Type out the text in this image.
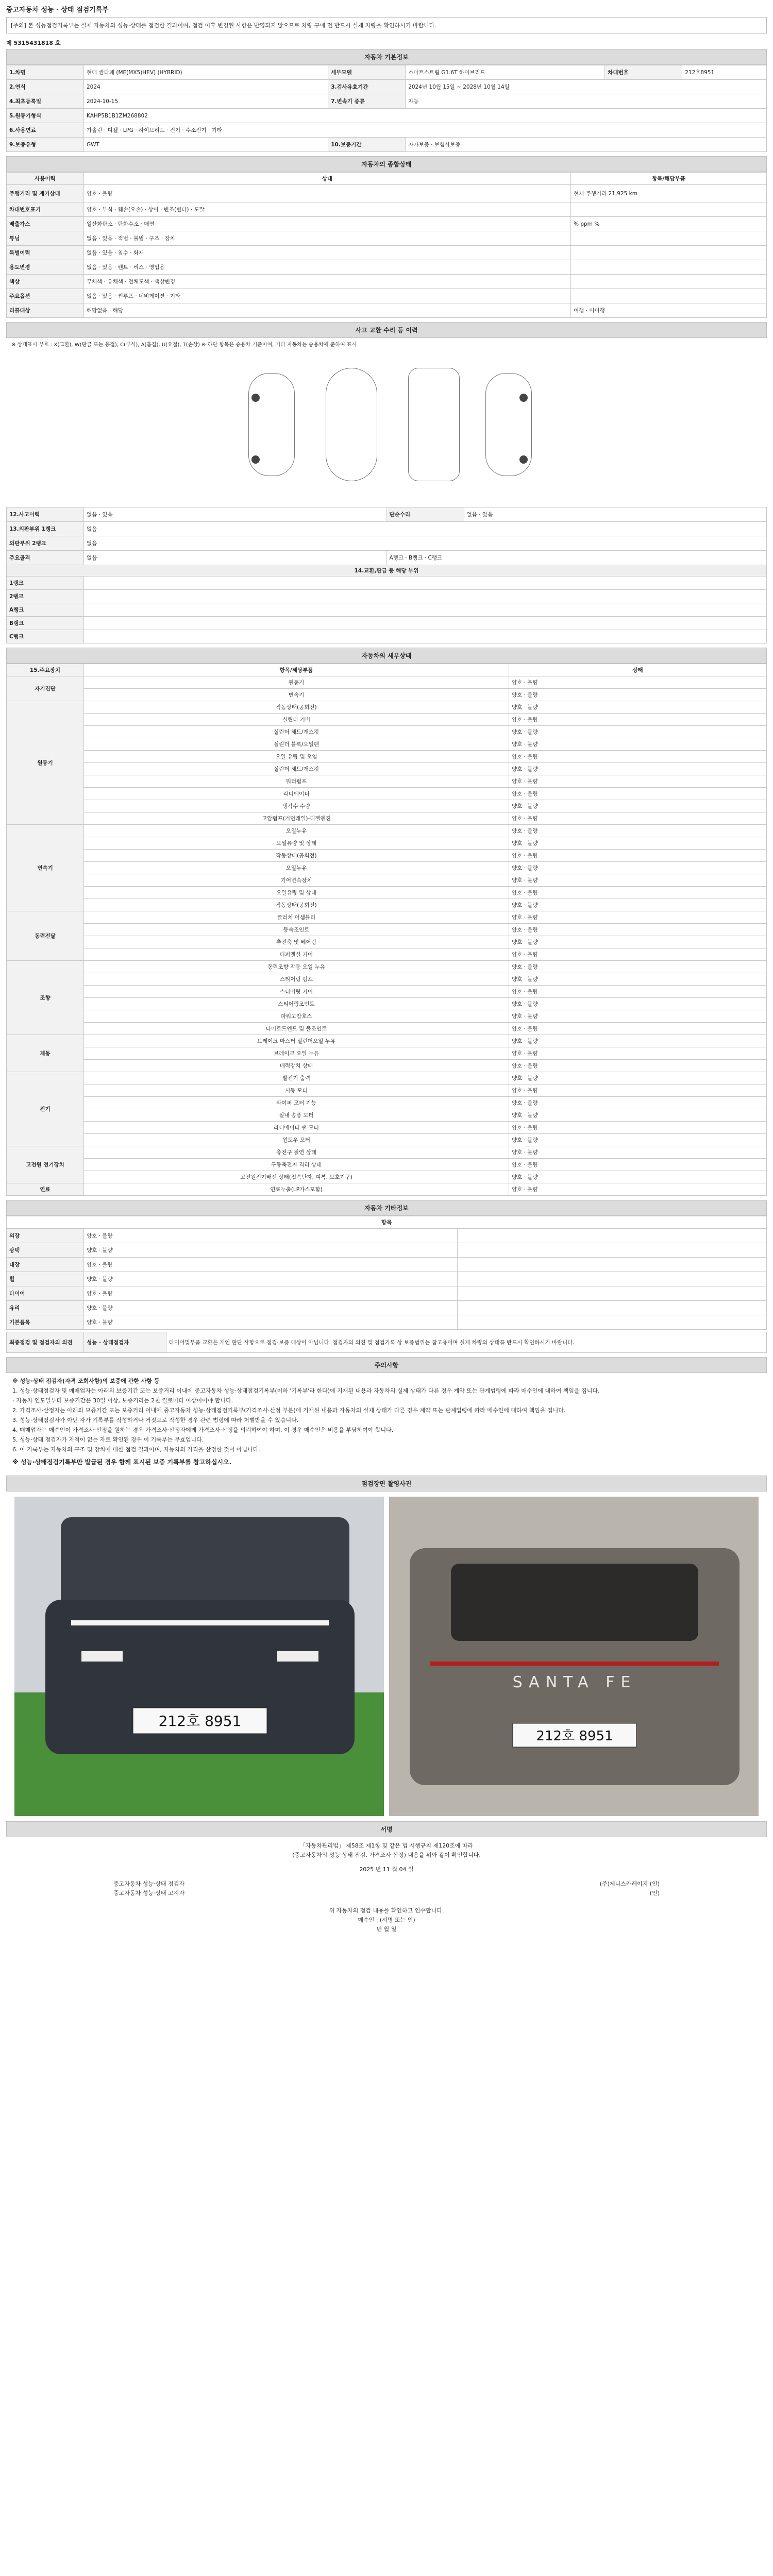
중고자동차 성능 · 상태 점검기록부
[주의] 본 성능점검기록부는 실제 자동차의 성능·상태를 점검한 결과이며, 점검 이후 변경된 사항은 반영되지 않으므로 차량 구매 전 반드시 실제 차량을 확인하시기 바랍니다.
제 5315431818 호
자동차 기본정보
1.차명	현대 싼타페 (ME(MX5)HEV) (HYBRID)	세부모델	스마트스트림 G1.6T 하이브리드	차대번호	212호8951
2.연식	2024	3.검사유효기간	2024년 10월 15일 ~ 2028년 10월 14일		
4.최초등록일	2024-10-15	7.변속기 종류	자동		
5.원동기형식	KAHP5B1B1ZM268802				
6.사용연료	가솔린 · 디젤 · LPG · 하이브리드 · 전기 · 수소전기 · 기타				
9.보증유형	GWT	10.보증기간	자가보증 · 보험사보증		
자동차의 종합상태
사용이력	상태	항목/해당부품
주행거리 및 계기상태	양호 · 불량	현재 주행거리 21,925 km
차대번호표기	양호 · 부식 · 훼손(오손) · 상이 · 변조(변타) · 도말	
배출가스	일산화탄소 · 탄화수소 · 매연	% ppm %
튜닝	없음 · 있음 · 적법 · 불법 · 구조 · 장치	
특별이력	없음 · 있음 · 침수 · 화재	
용도변경	없음 · 있음 · 렌트 · 리스 · 영업용	
색상	무채색 · 유채색 · 전체도색 · 색상변경	
주요옵션	없음 · 있음 · 썬루프 · 네비게이션 · 기타	
리콜대상	해당없음 · 해당	이행 · 미이행
사고 교환 수리 등 이력
※ 상태표시 부호 : X(교환), W(판금 또는 용접), C(부식), A(흠집), U(요철), T(손상) ※ 하단 항목은 승용차 기준이며, 기타 자동차는 승용차에 준하여 표시
12.사고이력	없음 · 있음	단순수리	없음 · 있음
13.외판부위 1랭크	없음		
외판부위 2랭크	없음		
주요골격	없음	A랭크 · B랭크 · C랭크	
14.교환,판금 등 해당 부위			
1랭크			
2랭크			
A랭크			
B랭크			
C랭크			
자동차의 세부상태
15.주요장치	항목/해당부품	상태
자기진단	원동기	양호 · 불량
	변속기	양호 · 불량
원동기	작동상태(공회전)	양호 · 불량
	실린더 커버	양호 · 불량
	실린더 헤드/개스킷	양호 · 불량
	실린더 블록/오일팬	양호 · 불량
	오일 유량 및 오염	양호 · 불량
	실린더 헤드/개스킷	양호 · 불량
	워터펌프	양호 · 불량
	라디에이터	양호 · 불량
	냉각수 수량	양호 · 불량
	고압펌프(커먼레일)-디젤엔진	양호 · 불량
변속기	오일누유	양호 · 불량
	오일유량 및 상태	양호 · 불량
	작동상태(공회전)	양호 · 불량
	오일누유	양호 · 불량
	기어변속장치	양호 · 불량
	오일유량 및 상태	양호 · 불량
	작동상태(공회전)	양호 · 불량
동력전달	클러치 어셈블리	양호 · 불량
	등속조인트	양호 · 불량
	추진축 및 베어링	양호 · 불량
	디퍼렌셜 기어	양호 · 불량
조향	동력조향 작동 오일 누유	양호 · 불량
	스티어링 펌프	양호 · 불량
	스티어링 기어	양호 · 불량
	스티어링조인트	양호 · 불량
	파워고압호스	양호 · 불량
	타이로드엔드 및 볼조인트	양호 · 불량
제동	브레이크 마스터 실린더오일 누유	양호 · 불량
	브레이크 오일 누유	양호 · 불량
	배력장치 상태	양호 · 불량
전기	발전기 출력	양호 · 불량
	시동 모터	양호 · 불량
	와이퍼 모터 기능	양호 · 불량
	실내 송풍 모터	양호 · 불량
	라디에이터 팬 모터	양호 · 불량
	윈도우 모터	양호 · 불량
고전원 전기장치	충전구 절연 상태	양호 · 불량
	구동축전지 격리 상태	양호 · 불량
	고전원전기배선 상태(접속단자, 피복, 보호기구)	양호 · 불량
연료	연료누출(LP가스포함)	양호 · 불량
자동차 기타정보
항목		
외장	양호 · 불량	
광택	양호 · 불량	
내장	양호 · 불량	
휠	양호 · 불량	
타이어	양호 · 불량	
유리	양호 · 불량	
기본품목	양호 · 불량	
최종점검 및 점검자의 의견	성능 · 상태점검자	타이어및부품 교환은 개인 판단 사항으로 점검·보증 대상이 아닙니다. 점검자의 의견 및 점검기록 상 보증범위는 참고용이며 실제 차량의 상태를 반드시 확인하시기 바랍니다.
주의사항

※ 성능·상태 점검자(자격 조회사항)의 보증에 관한 사항 등

1. 성능·상태점검자 및 매매업자는 아래의 보증기간 또는 보증거리 이내에 중고자동차 성능·상태점검기록부(이하 '기록부'라 한다)에 기재된 내용과 자동차의 실제 상태가 다른 경우 계약 또는 관계법령에 따라 매수인에 대하여 책임을 집니다.

- 자동차 인도일부터 보증기간은 30일 이상, 보증거리는 2천 킬로미터 이상이어야 합니다.

2. 가격조사·산정자는 아래의 보증기간 또는 보증거리 이내에 중고자동차 성능·상태점검기록부(가격조사·산정 부분)에 기재된 내용과 자동차의 실제 상태가 다른 경우 계약 또는 관계법령에 따라 매수인에 대하여 책임을 집니다.

3. 성능·상태점검자가 아닌 자가 기록부를 작성하거나 거짓으로 작성한 경우 관련 법령에 따라 처벌받을 수 있습니다.

4. 매매업자는 매수인이 가격조사·산정을 원하는 경우 가격조사·산정자에게 가격조사·산정을 의뢰하여야 하며, 이 경우 매수인은 비용을 부담하여야 합니다.

5. 성능·상태 점검자가 자격이 없는 자로 확인된 경우 이 기록부는 무효입니다.

6. 이 기록부는 자동차의 구조 및 장치에 대한 점검 결과이며, 자동차의 가격을 산정한 것이 아닙니다.

※ 성능·상태점검기록부만 발급된 경우 함께 표시된 보증 기록부를 참고하십시오.

점검장면 촬영사진
212호 8951
SANTA FE
212호 8951
서명
「자동차관리법」 제58조 제1항 및 같은 법 시행규칙 제120조에 따라
(중고자동차의 성능·상태 점검, 가격조사·산정) 내용을 위와 같이 확인합니다.
2025 년 11 월 04 일
중고자동차 성능·상태 점검자	(주)제니스카레이지 (인)
중고자동차 성능·상태 고지자	(인)
위 자동차의 점검 내용을 확인하고 인수합니다.
매수인 : (서명 또는 인)
년 월 일
